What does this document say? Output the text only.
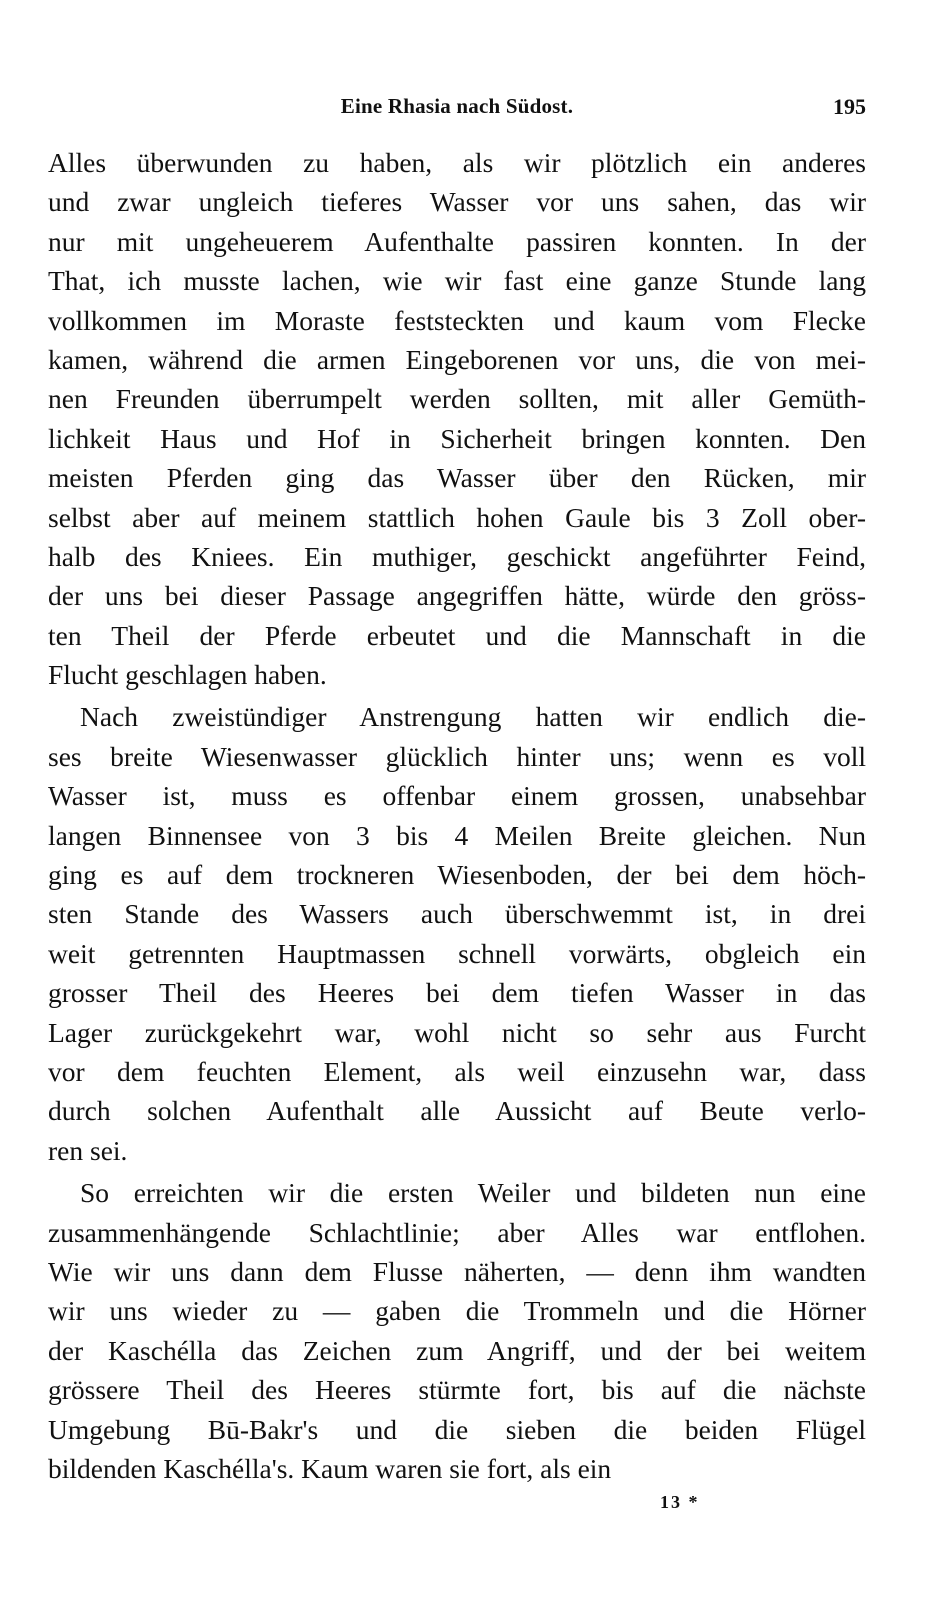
Eine Rhasia nach Südost.	195
Alles überwunden zu haben, als wir plötzlich ein anderes
und zwar ungleich tieferes Wasser vor uns sahen, das wir
nur mit ungeheuerem Aufenthalte passiren konnten. In der
That, ich musste lachen, wie wir fast eine ganze Stunde lang
vollkommen im Moraste feststeckten und kaum vom Flecke
kamen, während die armen Eingeborenen vor uns, die von mei-
nen Freunden überrumpelt werden sollten, mit aller Gemüth-
lichkeit Haus und Hof in Sicherheit bringen konnten. Den
meisten Pferden ging das Wasser über den Rücken, mir
selbst aber auf meinem stattlich hohen Gaule bis 3 Zoll ober-
halb des Kniees. Ein muthiger, geschickt angeführter Feind,
der uns bei dieser Passage angegriffen hätte, würde den gröss-
ten Theil der Pferde erbeutet und die Mannschaft in die
Flucht geschlagen haben.
Nach zweistündiger Anstrengung hatten wir endlich die-
ses breite Wiesenwasser glücklich hinter uns; wenn es voll
Wasser ist, muss es offenbar einem grossen, unabsehbar
langen Binnensee von 3 bis 4 Meilen Breite gleichen. Nun
ging es auf dem trockneren Wiesenboden, der bei dem höch-
sten Stande des Wassers auch überschwemmt ist, in drei
weit getrennten Hauptmassen schnell vorwärts, obgleich ein
grosser Theil des Heeres bei dem tiefen Wasser in das
Lager zurückgekehrt war, wohl nicht so sehr aus Furcht
vor dem feuchten Element, als weil einzusehn war, dass
durch solchen Aufenthalt alle Aussicht auf Beute verlo-
ren sei.
So erreichten wir die ersten Weiler und bildeten nun eine
zusammenhängende Schlachtlinie; aber Alles war entflohen.
Wie wir uns dann dem Flusse näherten, — denn ihm wandten
wir uns wieder zu — gaben die Trommeln und die Hörner
der Kaschélla das Zeichen zum Angriff, und der bei weitem
grössere Theil des Heeres stürmte fort, bis auf die nächste
Umgebung Bū-Bakr's und die sieben die beiden Flügel
bildenden Kaschélla's. Kaum waren sie fort, als ein
13 *
